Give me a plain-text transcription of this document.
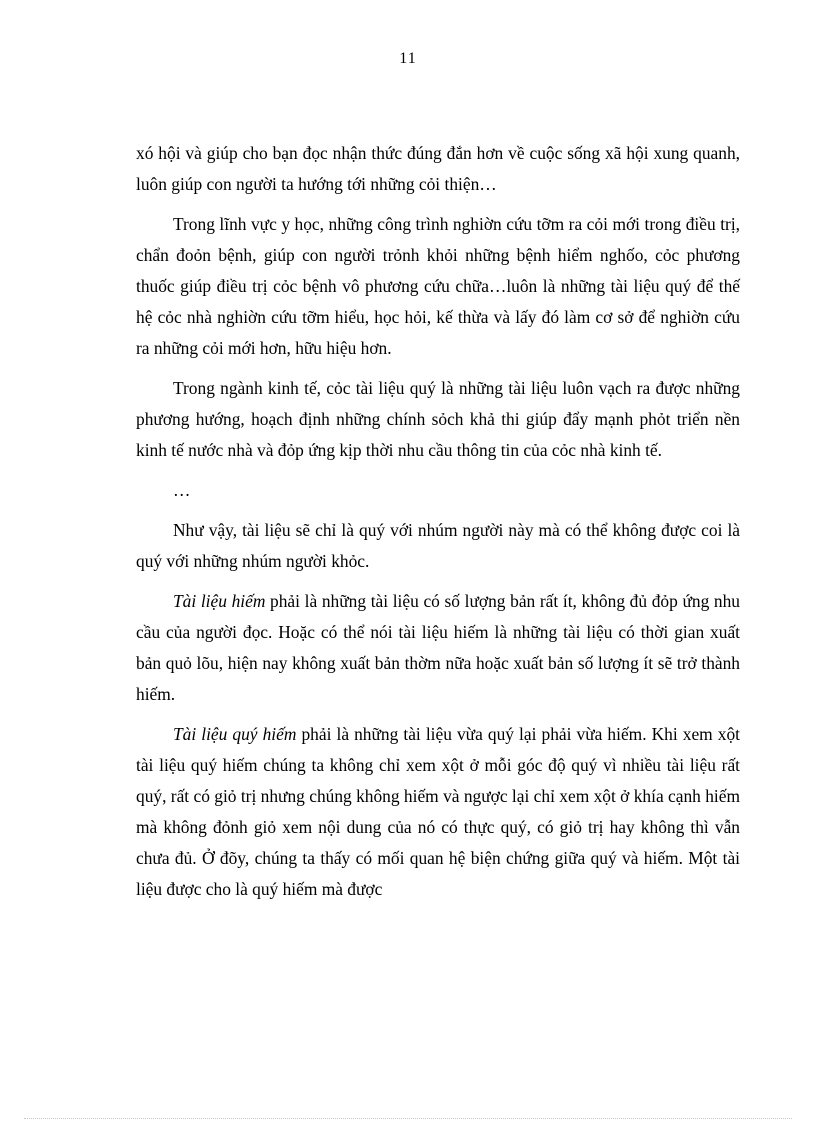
11

xó hội và giúp cho bạn đọc nhận thức đúng đắn hơn về cuộc sống xã hội xung quanh, luôn giúp con người ta hướng tới những cỏi thiện…

Trong lĩnh vực y học, những công trình nghiờn cứu tỡm ra cỏi mới trong điều trị, chẩn đoỏn bệnh, giúp con người trỏnh khỏi những bệnh hiểm nghốo, cỏc phương thuốc giúp điều trị cỏc bệnh vô phương cứu chữa…luôn là những tài liệu quý để thế hệ cỏc nhà nghiờn cứu tỡm hiểu, học hỏi, kế thừa và lấy đó làm cơ sở để nghiờn cứu ra những cỏi mới hơn, hữu hiệu hơn.

Trong ngành kinh tế, cỏc tài liệu quý là những tài liệu luôn vạch ra được những phương hướng, hoạch định những chính sỏch khả thi giúp đẩy mạnh phỏt triển nền kinh tế nước nhà và đỏp ứng kịp thời nhu cầu thông tin của cỏc nhà kinh tế.

…

Như vậy, tài liệu sẽ chỉ là quý với nhúm người này mà có thể không được coi là quý với những nhúm người khỏc.

Tài liệu hiếm phải là những tài liệu có số lượng bản rất ít, không đủ đỏp ứng nhu cầu của người đọc. Hoặc có thể nói tài liệu hiếm là những tài liệu có thời gian xuất bản quỏ lõu, hiện nay không xuất bản thờm nữa hoặc xuất bản số lượng ít sẽ trở thành hiếm.

Tài liệu quý hiếm phải là những tài liệu vừa quý lại phải vừa hiếm. Khi xem xột tài liệu quý hiếm chúng ta không chỉ xem xột ở mỗi góc độ quý vì nhiều tài liệu rất quý, rất có giỏ trị nhưng chúng không hiếm và ngược lại chỉ xem xột ở khía cạnh hiếm mà không đỏnh giỏ xem nội dung của nó có thực quý, có giỏ trị hay không thì vẫn chưa đủ. Ở đõy, chúng ta thấy có mối quan hệ biện chứng giữa quý và hiếm. Một tài liệu được cho là quý hiếm mà được
